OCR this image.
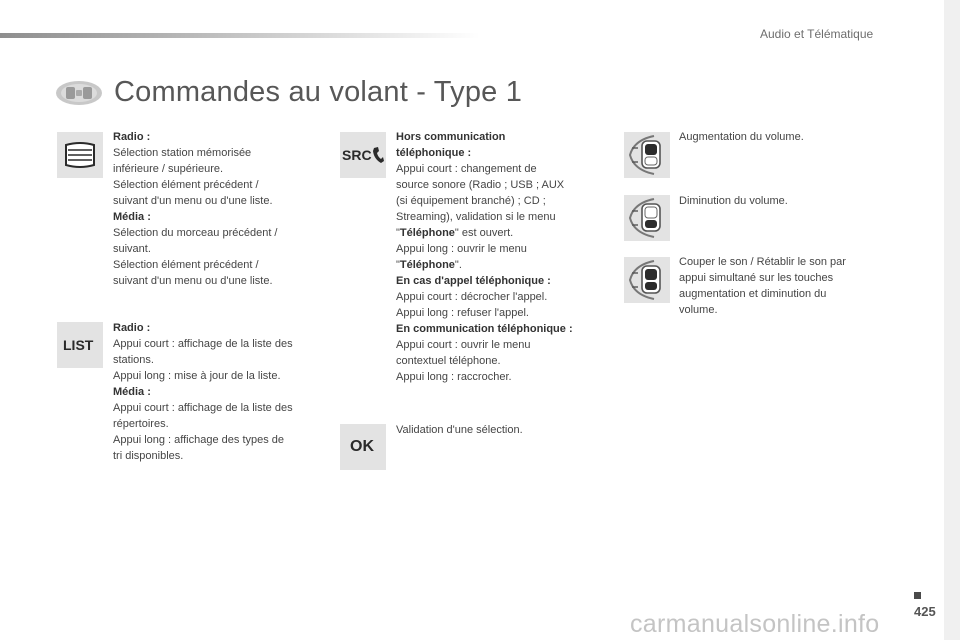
Audio et Télématique
Commandes au volant - Type 1
LIST

Radio :

Sélection station mémorisée

inférieure / supérieure.

Sélection élément précédent /

suivant d'un menu ou d'une liste.

Média :

Sélection du morceau précédent /

suivant.

Sélection élément précédent /

suivant d'un menu ou d'une liste.

Radio :

Appui court : affichage de la liste des

stations.

Appui long : mise à jour de la liste.

Média :

Appui court : affichage de la liste des

répertoires.

Appui long : affichage des types de

tri disponibles.

SRC
OK

Hors communication

téléphonique :

Appui court : changement de

source sonore (Radio ; USB ; AUX

(si équipement branché) ; CD ;

Streaming), validation si le menu

"Téléphone" est ouvert.

Appui long : ouvrir le menu

"Téléphone".

En cas d'appel téléphonique :

Appui court : décrocher l'appel.

Appui long : refuser l'appel.

En communication téléphonique :

Appui court : ouvrir le menu

contextuel téléphone.

Appui long : raccrocher.

Validation d'une sélection.

Augmentation du volume.

Diminution du volume.

Couper le son / Rétablir le son par

appui simultané sur les touches

augmentation et diminution du

volume.

425
carmanualsonline.info
